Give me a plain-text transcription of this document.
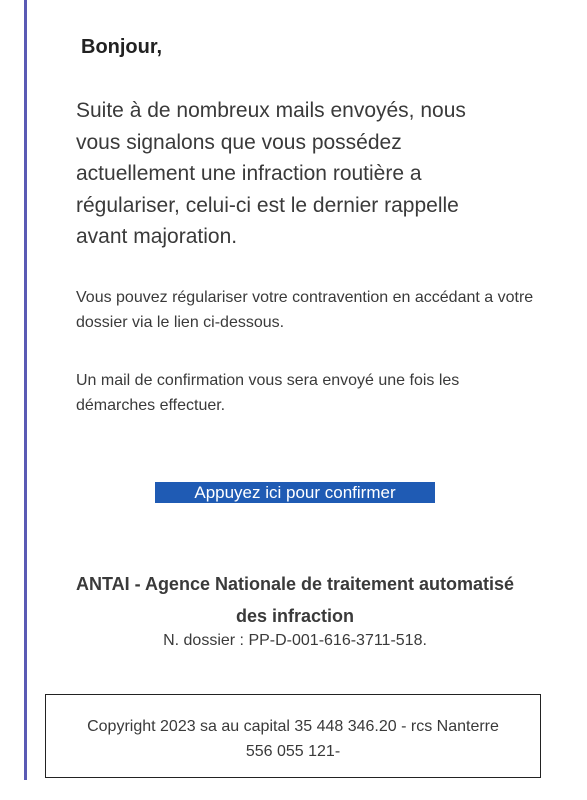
Bonjour,
Suite à de nombreux mails envoyés, nous vous signalons que vous possédez actuellement une infraction routière a régulariser, celui-ci est le dernier rappelle avant majoration.
Vous pouvez régulariser votre contravention en accédant a votre dossier via le lien ci-dessous.
Un mail de confirmation vous sera envoyé une fois les démarches effectuer.
Appuyez ici pour confirmer
ANTAI - Agence Nationale de traitement automatisé des infraction
N. dossier : PP-D-001-616-3711-518.
Copyright 2023 sa au capital 35 448 346.20 - rcs Nanterre 556 055 121-
